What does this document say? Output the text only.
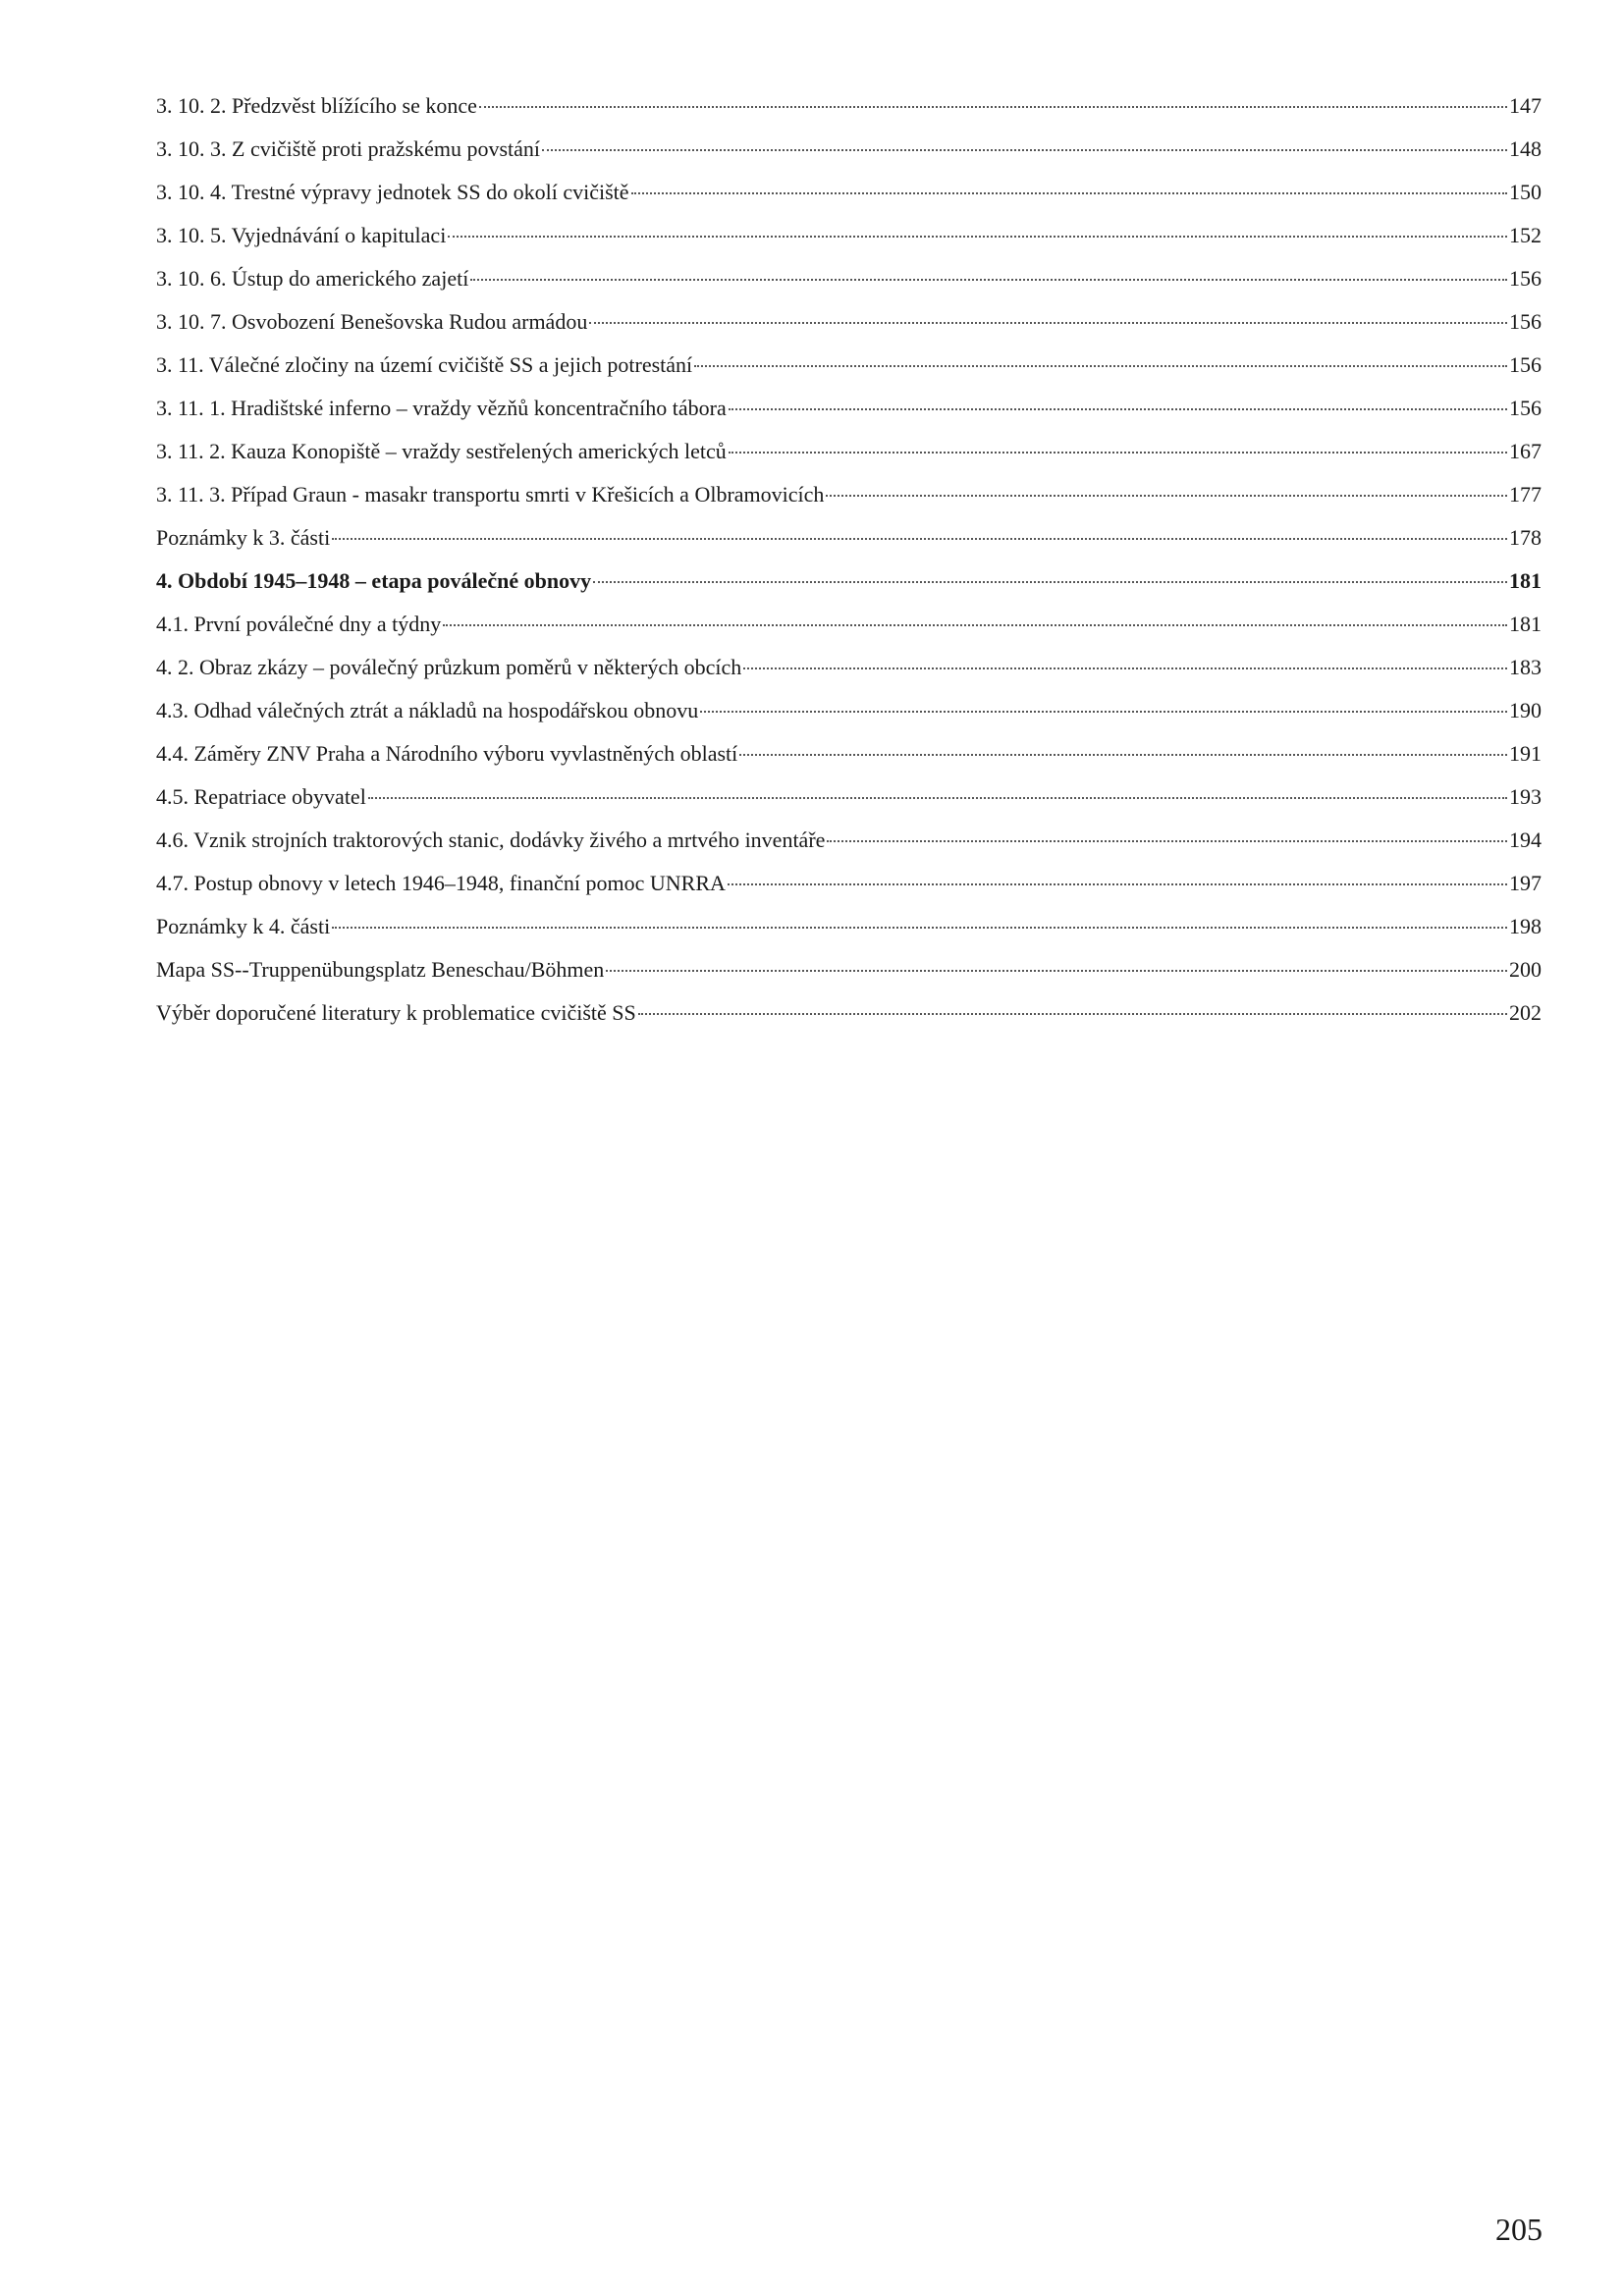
3. 10. 2. Předzvěst blížícího se konce	147
3. 10. 3. Z cvičiště proti pražskému povstání	148
3. 10. 4. Trestné výpravy jednotek SS do okolí cvičiště	150
3. 10. 5. Vyjednávání o kapitulaci	152
3. 10. 6. Ústup do amerického zajetí	156
3. 10. 7. Osvobození Benešovska Rudou armádou	156
3. 11. Válečné zločiny na území cvičiště SS a jejich potrestání	156
3. 11. 1. Hradištské inferno – vraždy vězňů koncentračního tábora	156
3. 11. 2. Kauza Konopiště – vraždy sestřelených amerických letců	167
3. 11. 3. Případ Graun - masakr transportu smrti v Křešicích a Olbramovicích	177
Poznámky k 3. části	178
4. Období 1945–1948 – etapa poválečné obnovy	181
4.1. První poválečné dny a týdny	181
4. 2. Obraz zkázy – poválečný průzkum poměrů v některých obcích	183
4.3. Odhad válečných ztrát a nákladů na hospodářskou obnovu	190
4.4. Záměry ZNV Praha a Národního výboru vyvlastněných oblastí	191
4.5. Repatriace obyvatel	193
4.6. Vznik strojních traktorových stanic, dodávky živého a mrtvého inventáře	194
4.7. Postup obnovy v letech 1946–1948, finanční pomoc UNRRA	197
Poznámky k 4. části	198
Mapa SS--Truppenübungsplatz Beneschau/Böhmen	200
Výběr doporučené literatury k problematice cvičiště SS	202
205
